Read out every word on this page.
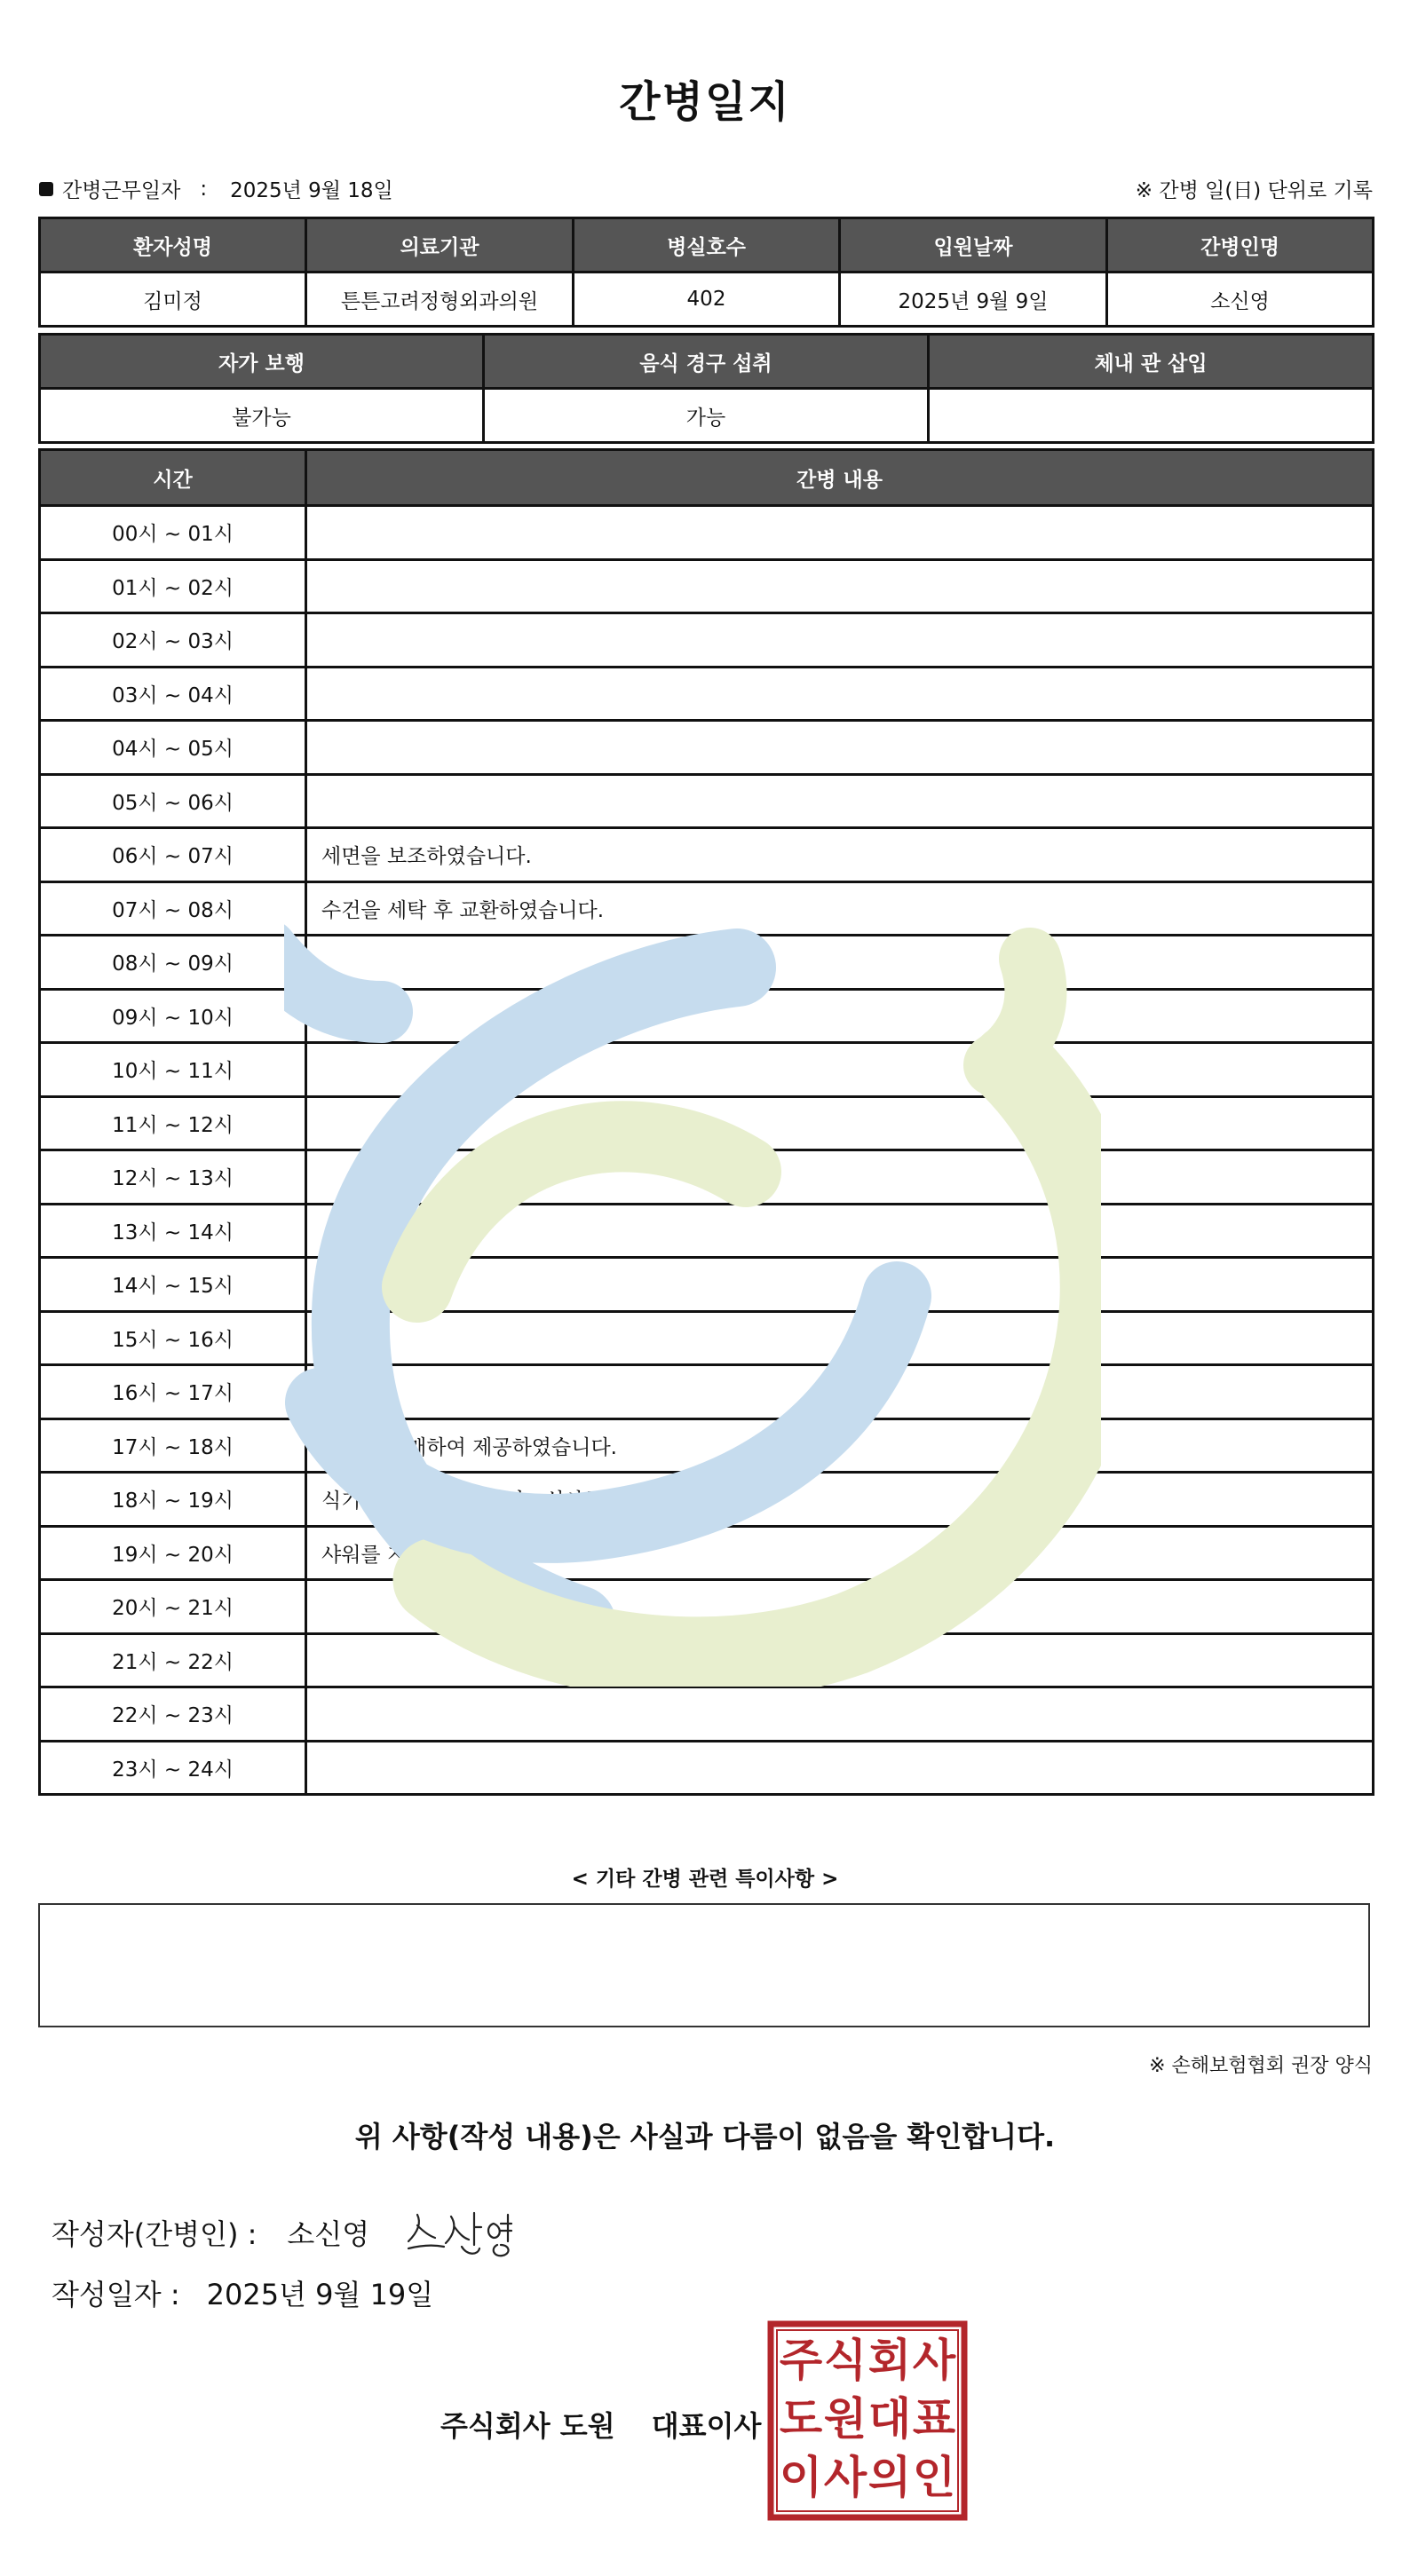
간병일지
간병근무일자 : 2025년 9월 18일	※ 간병 일(日) 단위로 기록
환자성명	의료기관	병실호수	입원날짜	간병인명
김미정	튼튼고려정형외과의원	402	2025년 9월 9일	소신영
자가 보행	음식 경구 섭취	체내 관 삽입
불가능	가능	
시간	간병 내용
00시 ~ 01시	
01시 ~ 02시	
02시 ~ 03시	
03시 ~ 04시	
04시 ~ 05시	
05시 ~ 06시	
06시 ~ 07시	세면을 보조하였습니다.
07시 ~ 08시	수건을 세탁 후 교환하였습니다.
08시 ~ 09시	
09시 ~ 10시	
10시 ~ 11시	
11시 ~ 12시	
12시 ~ 13시	
13시 ~ 14시	
14시 ~ 15시	
15시 ~ 16시	
16시 ~ 17시	
17시 ~ 18시	간식을 구매하여 제공하였습니다.
18시 ~ 19시	식기를 반납하였습니다., 식사를 보조하였습니다.
19시 ~ 20시	샤워를 지원하였습니다.
20시 ~ 21시	
21시 ~ 22시	
22시 ~ 23시	
23시 ~ 24시	
< 기타 간병 관련 특이사항 >
※ 손해보험협회 권장 양식
위 사항(작성 내용)은 사실과 다름이 없음을 확인합니다.
작성자(간병인) : 소신영
작성일자 : 2025년 9월 19일
주식회사 도원 대표이사
주 식 회 사
도 원 대 표
이 사 의 인
